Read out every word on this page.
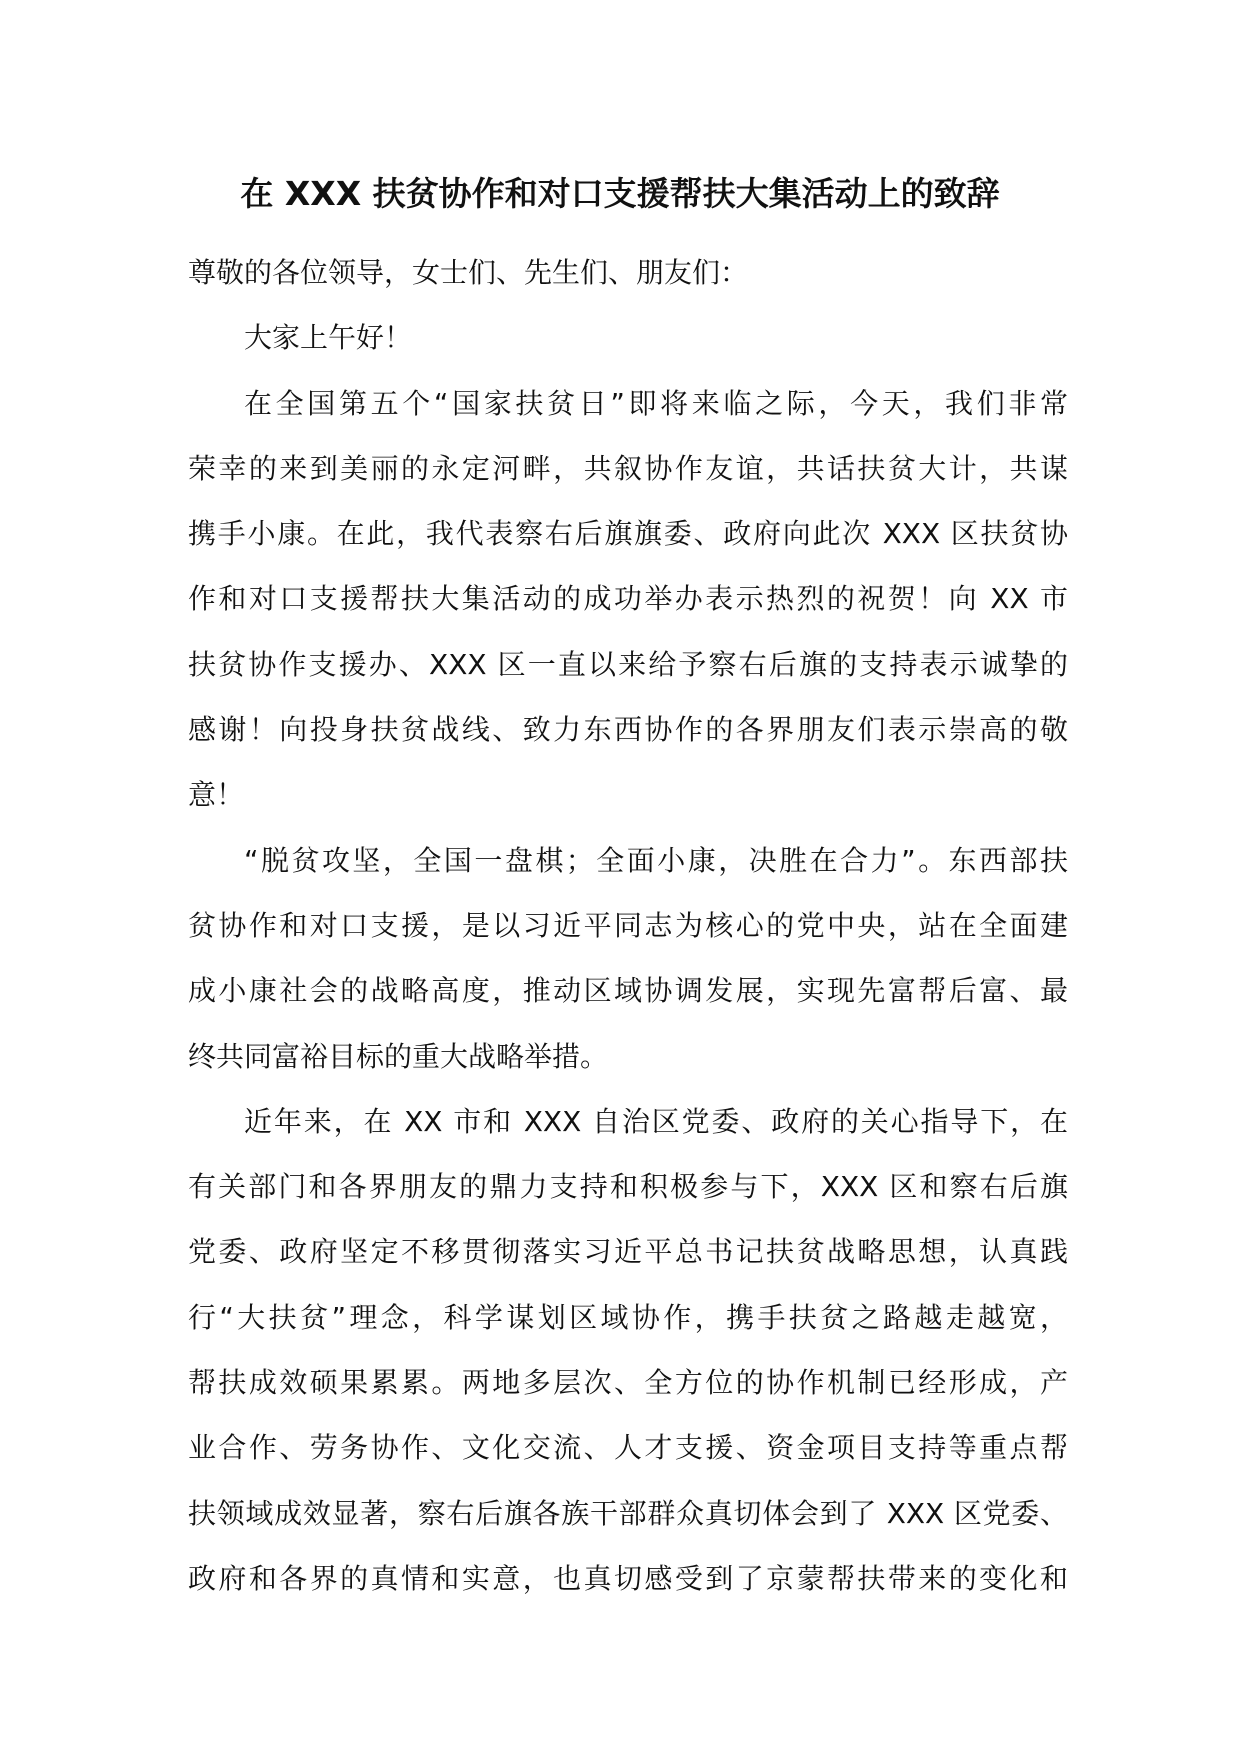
在 XXX 扶贫协作和对口支援帮扶大集活动上的致辞
尊敬的各位领导，女士们、先生们、朋友们：
大家上午好！
在全国第五个“国家扶贫日”即将来临之际，今天，我们非常
荣幸的来到美丽的永定河畔，共叙协作友谊，共话扶贫大计，共谋
携手小康。在此，我代表察右后旗旗委、政府向此次 XXX 区扶贫协
作和对口支援帮扶大集活动的成功举办表示热烈的祝贺！向 XX 市
扶贫协作支援办、XXX 区一直以来给予察右后旗的支持表示诚挚的
感谢！向投身扶贫战线、致力东西协作的各界朋友们表示崇高的敬
意！
“脱贫攻坚，全国一盘棋；全面小康，决胜在合力”。东西部扶
贫协作和对口支援，是以习近平同志为核心的党中央，站在全面建
成小康社会的战略高度，推动区域协调发展，实现先富帮后富、最
终共同富裕目标的重大战略举措。
近年来，在 XX 市和 XXX 自治区党委、政府的关心指导下，在
有关部门和各界朋友的鼎力支持和积极参与下，XXX 区和察右后旗
党委、政府坚定不移贯彻落实习近平总书记扶贫战略思想，认真践
行“大扶贫”理念，科学谋划区域协作，携手扶贫之路越走越宽，
帮扶成效硕果累累。两地多层次、全方位的协作机制已经形成，产
业合作、劳务协作、文化交流、人才支援、资金项目支持等重点帮
扶领域成效显著，察右后旗各族干部群众真切体会到了 XXX 区党委、
政府和各界的真情和实意，也真切感受到了京蒙帮扶带来的变化和
